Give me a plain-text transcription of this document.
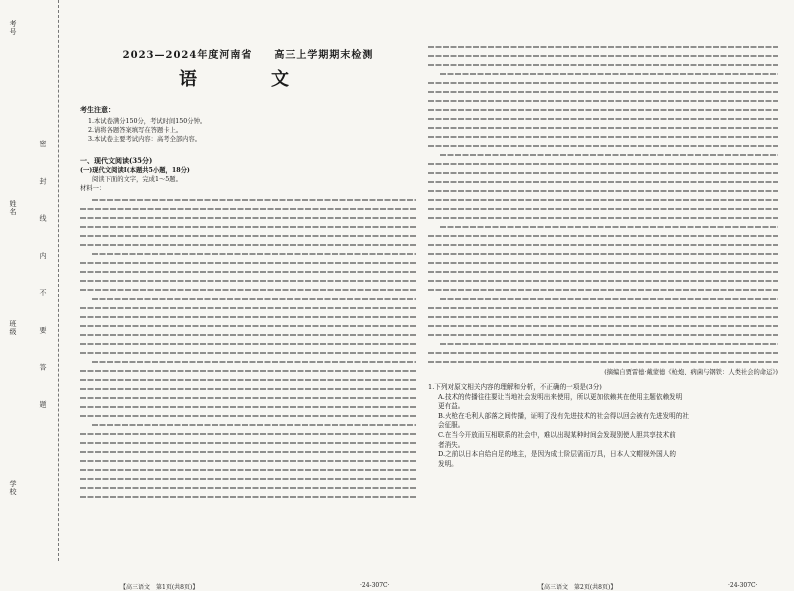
考号
姓名
班级
学校
密 封 线 内 不 要 答 题
2023—2024年度河南省　　高三上学期期末检测
语　文
考生注意：
1.本试卷满分150分，考试时间150分钟。
2.请将各题答案填写在答题卡上。
3.本试卷主要考试内容：高考全部内容。
一、现代文阅读(35分)
(一)现代文阅读Ⅰ(本题共5小题，18分)
阅读下面的文字，完成1～5题。
材料一：
【高三语文　第1页(共8页)】	·24-307C·
(摘编自贾雷德·戴蒙德《枪炮、病菌与钢铁：人类社会的命运》)
1.下列对原文相关内容的理解和分析，不正确的一项是(3分)
A.技术的传播往往要让当地社会发明出来使用，所以更加依赖其在使用主题依赖发明
更有益。
B.火枪在毛利人部落之间传播，证明了没有先进技术的社会得以回会被有先进发明的社
会征服。
C.在当今开放而互相联系的社会中，难以出现某种时间会发现别使人胆共享技术前
者消失。
D.之前以日本自给自足的地主，是因为成士阶层需而万具，日本人文帽视外国人的
发明。
【高三语文　第2页(共8页)】	·24-307C·
